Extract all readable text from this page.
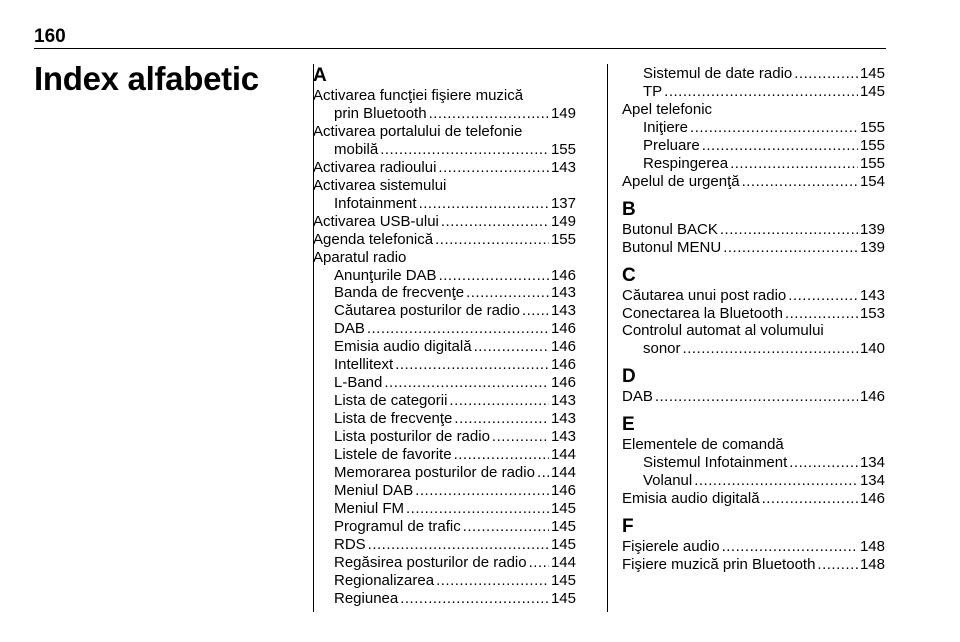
160
Index alfabetic	A
Activarea funcţiei fişiere muzică
prin Bluetooth .....	149
Activarea portalului de telefonie
mobilă .....	155
Activarea radioului .....	143
Activarea sistemului
Infotainment .....	137
Activarea USB-ului .....	149
Agenda telefonică .....	155
Aparatul radio
Anunţurile DAB .....	146
Banda de frecvenţe .....	143
Căutarea posturilor de radio ..... 143
DAB .....	146
Emisia audio digitală .....	146
Intellitext .....	146
L-Band .....	146
Lista de categorii .....	143
Lista de frecvenţe .....	143
Lista posturilor de radio .....	143
Listele de favorite .....	144
Memorarea posturilor de radio ..... 144
Meniul DAB .....	146
Meniul FM .....	145
Programul de trafic .....	145
RDS .....	145
Regăsirea posturilor de radio ..... 144
Regionalizarea .....	145
Regiunea .....	145
Sistemul de date radio .....	145
TP .....	145
Apel telefonic
Iniţiere .....	155
Preluare .....	155
Respingerea .....	155
Apelul de urgenţă .....	154
B
Butonul BACK .....	139
Butonul MENU .....	139
C
Căutarea unui post radio .....	143
Conectarea la Bluetooth .....	153
Controlul automat al volumului
sonor .....	140
D
DAB .....	146
E
Elementele de comandă
Sistemul Infotainment .....	134
Volanul .....	134
Emisia audio digitală .....	146
F
Fişierele audio .....	148
Fişiere muzică prin Bluetooth .....	148
